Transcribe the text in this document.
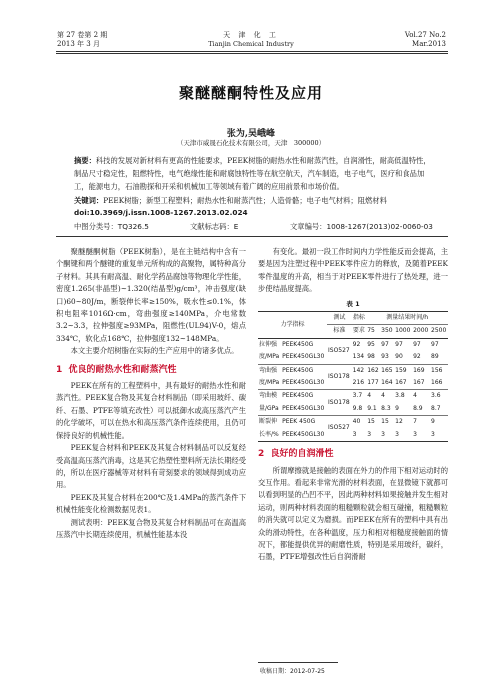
第 27 卷第 2 期
2013 年 3 月
天 津 化 工
Tianjin Chemical Industry
Vol.27 No.2
Mar.2013
聚醚醚酮特性及应用
张为,吴峨峰
（天津市威晟石化技术有限公司，天津　300000）
摘要：科技的发展对新材料有更高的性能要求，PEEK树脂的耐热水性和耐蒸汽性，自润滑性，耐高低温特性，制品尺寸稳定性，阻燃特性，电气绝缘性能和耐腐蚀特性等在航空航天，汽车制造，电子电气，医疗和食品加工，能源电力，石油勘探和开采和机械加工等领域有着广阔的应用前景和市场价值。
关键词：PEEK树脂；新型工程塑料；耐热水性和耐蒸汽性；人造骨骼；电子电气材料；阻燃材料
doi:10.3969/j.issn.1008-1267.2013.02.024
中图分类号：TQ326.5	文献标志码：E	文章编号：1008-1267(2013)02-0060-03

聚醚醚酮树脂（PEEK树脂），是在主链结构中含有一个酮键和两个醚键的重复单元所构成的高聚物，属特种高分子材料。其具有耐高温、耐化学药品腐蚀等物理化学性能，密度1.265(非晶型)~1.320(结晶型)g/cm³，冲击强度(缺口)60~80J/m，断裂伸长率≥150%，吸水性≤0.1%，体积电阻率1016Ω·cm，弯曲强度≥140MPa，介电常数3.2~3.3，拉伸强度≥93MPa，阻燃性(UL94)V-0，熔点334℃，软化点168℃，拉伸强度132~148MPa。

本文主要介绍树脂在实际的生产应用中的诸多优点。

1 优良的耐热水性和耐蒸汽性

PEEK在所有的工程塑料中，具有最好的耐热水性和耐蒸汽性。PEEK复合物及其复合材料制品（即采用玻纤、碳纤、石墨、PTFE等填充改性）可以抵御水或高压蒸汽产生的化学破坏，可以在热水和高压蒸汽条件连续使用，且仍可保持良好的机械性能。

PEEK复合材料和PEEK及其复合材料制品可以反复经受高温高压蒸汽消毒，这是其它热塑性塑料所无法长期经受的，所以在医疗器械等对材料有苛刻要求的领域得到成功应用。

PEEK及其复合材料在200℃及1.4MPa的蒸汽条件下机械性能变化检测数据见表1。

测试表明：PEEK复合物及其复合材料制品可在高温高压蒸汽中长期连续使用，机械性能基本没

有变化。最初一段工作时间内力学性能反而会提高，主要是因为注塑过程中PEEK零件应力的释放，及随着PEEK零件温度的升高，相当于对PEEK零件进行了热处理，进一步使结晶度提高。

表 1
力学指标		测试	指标	测量结果时间/h				
		标准	要求	75	350	1000	2000	2500
拉伸强	PEEK450G	ISO527	92	95	97	97	97	97
度/MPa	PEEK450GL30		134	98	93	90	92	89
弯曲强	PEEK450G	ISO178	142	162	165	159	169	156
度/MPa	PEEK450GL30		216	177	164	167	167	166
弯曲模	PEEK450G	ISO178	3.7	4	4	3.8	4	3.6
量/GPa	PEEK450GL30		9.8	9.1	8.3	9	8.9	8.7
断裂伸	PEEK 450G	ISO527	40	15	15	12	7	9
长率/%	PEEK450GL30		3	3	3	3	3	3
2 良好的自润滑性

所谓摩擦就是接触的表面在外力的作用下相对运动时的交互作用。看起来非常光滑的材料表面，在显微镜下就都可以看到明显的凸凹不平，因此两种材料如果接触并发生相对运动，则两种材料表面的粗糙颗粒就会相互碰撞，粗糙颗粒的消失就可以定义为磨损。而PEEK在所有的塑料中具有出众的滑动特性，在各种温度，压力和相对相糙度接触面的情况下，都能提供优异的耐磨性质，特别是采用玻纤，碳纤，石墨，PTFE增强改性后自润滑耐

收稿日期：2012-07-25
